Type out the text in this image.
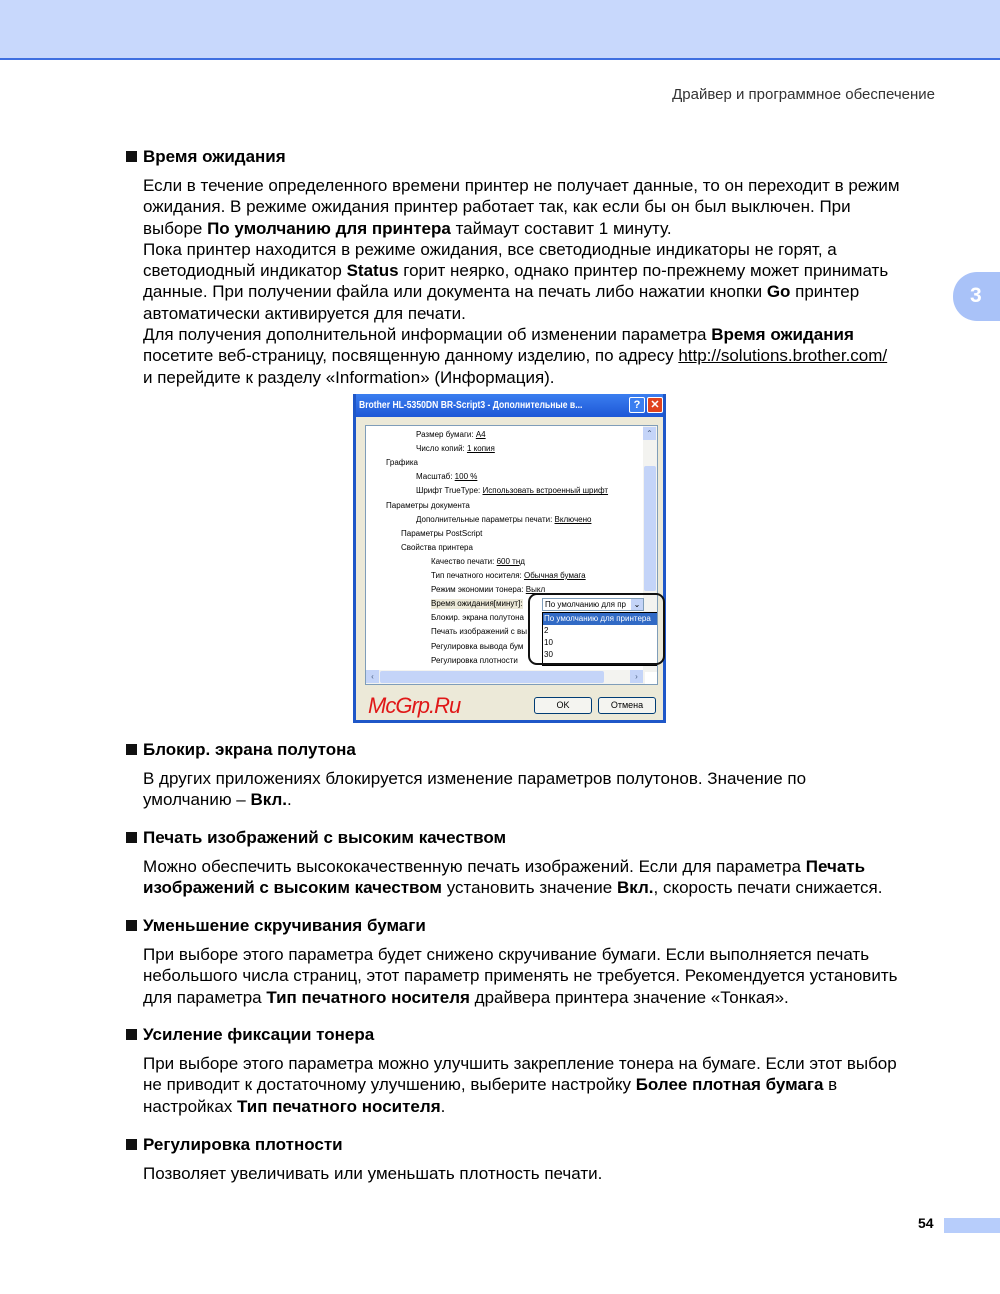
Драйвер и программное обеспечение
3
Время ожидания
Если в течение определенного времени принтер не получает данные, то он переходит в режим
ожидания. В режиме ожидания принтер работает так, как если бы он был выключен. При
выборе По умолчанию для принтера таймаут составит 1 минуту.
Пока принтер находится в режиме ожидания, все светодиодные индикаторы не горят, а
светодиодный индикатор Status горит неярко, однако принтер по-прежнему может принимать
данные. При получении файла или документа на печать либо нажатии кнопки Go принтер
автоматически активируется для печати.
Для получения дополнительной информации об изменении параметра Время ожидания
посетите веб-страницу, посвященную данному изделию, по адресу http://solutions.brother.com/
и перейдите к разделу «Information» (Информация).
Блокир. экрана полутона
В других приложениях блокируется изменение параметров полутонов. Значение по
умолчанию – Вкл..
Печать изображений с высоким качеством
Можно обеспечить высококачественную печать изображений. Если для параметра Печать
изображений с высоким качеством установить значение Вкл., скорость печати снижается.
Уменьшение скручивания бумаги
При выборе этого параметра будет снижено скручивание бумаги. Если выполняется печать
небольшого числа страниц, этот параметр применять не требуется. Рекомендуется установить
для параметра Тип печатного носителя драйвера принтера значение «Тонкая».
Усиление фиксации тонера
При выборе этого параметра можно улучшить закрепление тонера на бумаге. Если этот выбор
не приводит к достаточному улучшению, выберите настройку Более плотная бумага в
настройках Тип печатного носителя.
Регулировка плотности
Позволяет увеличивать или уменьшать плотность печати.
Brother HL-5350DN BR-Script3 - Дополнительные в...	? ✕
Регулировка плотности
Регулировка вывода бум
Печать изображений с вы
Блокир. экрана полутона
Время ожидания[минут]:
Режим экономии тонера: Выкл
Тип печатного носителя: Обычная бумага
Качество печати: 600 тнд
Свойства принтера
Параметры PostScript
Дополнительные параметры печати: Включено
Параметры документа
Шрифт TrueType: Использовать встроенный шрифт
Масштаб: 100 %
Графика
Число копий: 1 копия
Размер бумаги: A4	⌃
‹	›
По умолчанию для пр ⌄
По умолчанию для принтера
2
10
30
OK	Отмена
McGrp.Ru
54
